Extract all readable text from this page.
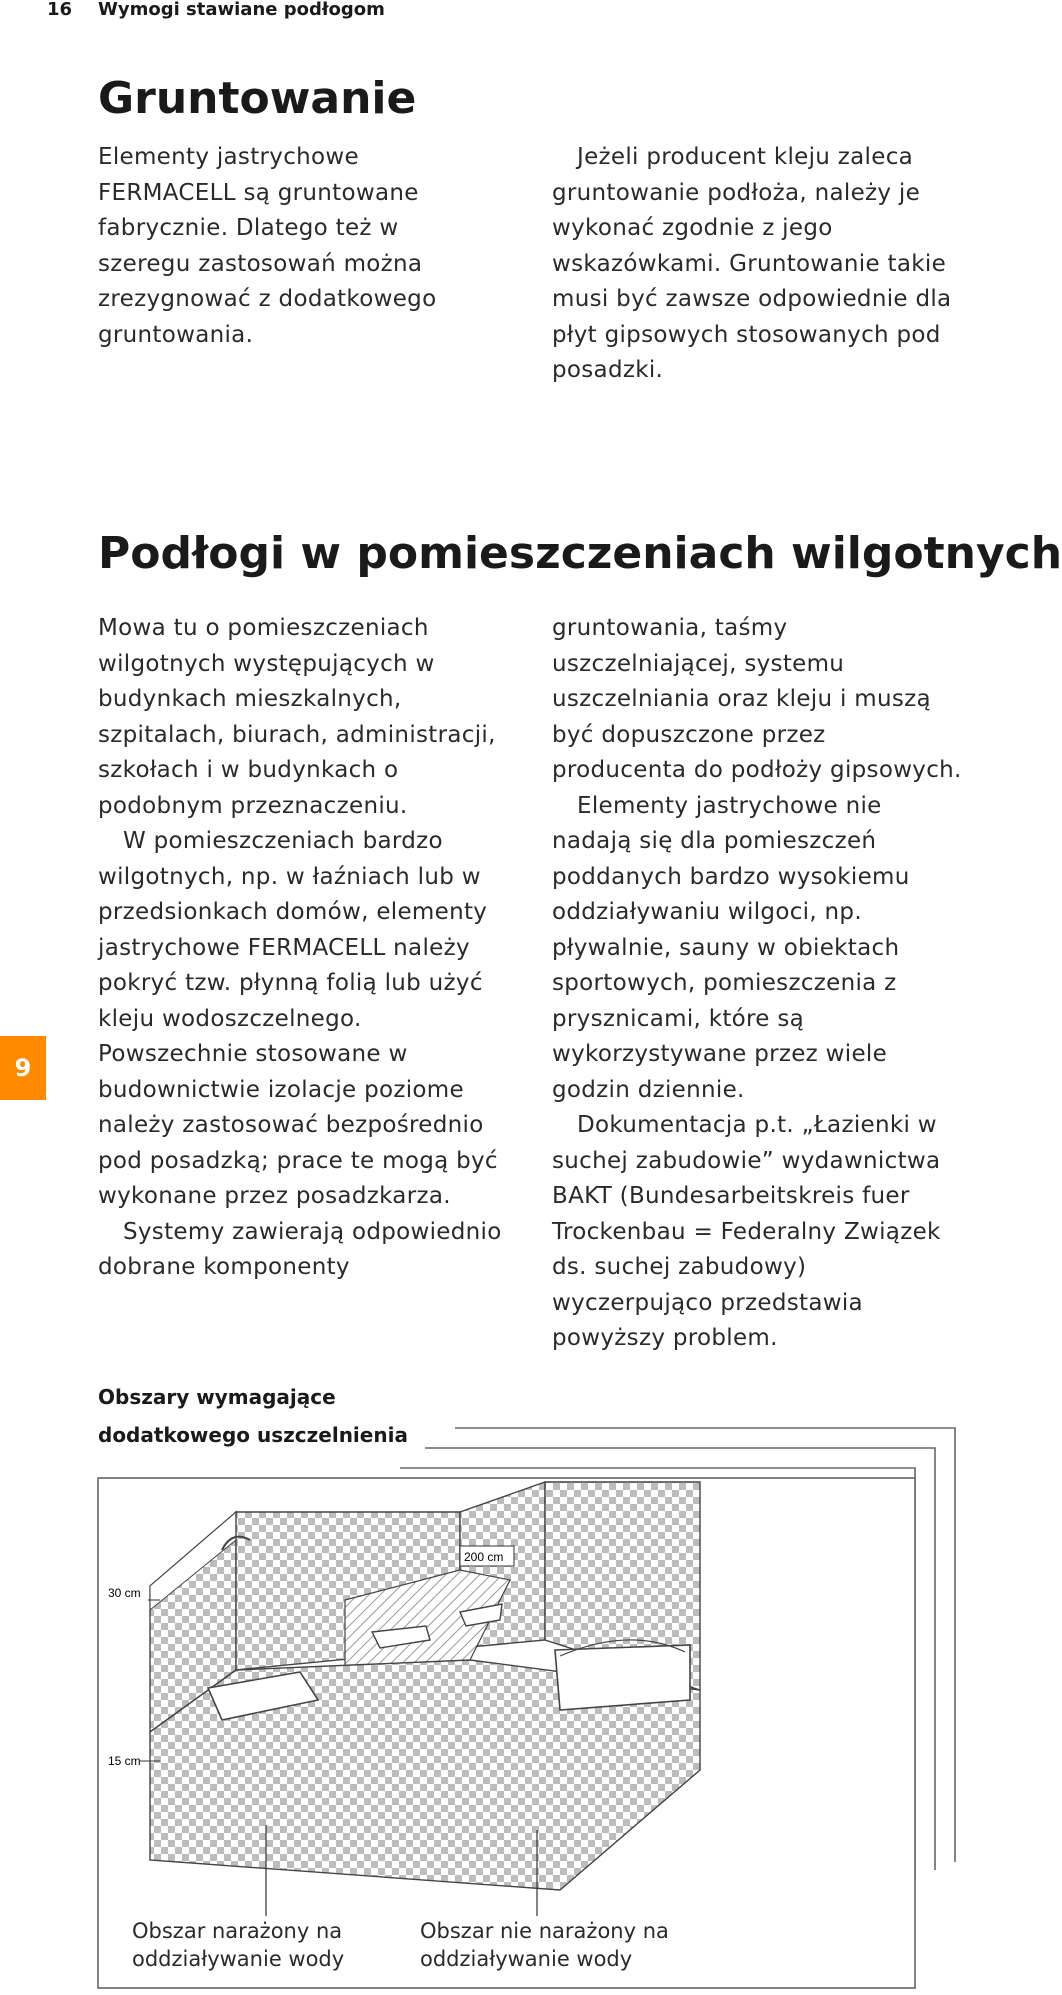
16 Wymogi stawiane podłogom
Gruntowanie

Elementy jastrychowe FERMACELL są gruntowane fabrycznie. Dlatego też w szeregu zastosowań można zrezygnować z dodatkowego gruntowania.

Jeżeli producent kleju zaleca gruntowanie podłoża, należy je wykonać zgodnie z jego wskazówkami. Gruntowanie takie musi być zawsze odpowiednie dla płyt gipsowych stosowanych pod posadzki.

Podłogi w pomieszczeniach wilgotnych

Mowa tu o pomieszczeniach wilgotnych występujących w budynkach mieszkalnych, szpitalach, biurach, administracji, szkołach i w budynkach o podobnym przeznaczeniu.

W pomieszczeniach bardzo wilgotnych, np. w łaźniach lub w przedsionkach domów, elementy jastrychowe FERMACELL należy pokryć tzw. płynną folią lub użyć kleju wodoszczelnego. Powszechnie stosowane w budownictwie izolacje poziome należy zastosować bezpośrednio pod posadzką; prace te mogą być wykonane przez posadzkarza.

Systemy zawierają odpowiednio dobrane komponenty

gruntowania, taśmy uszczelniającej, systemu uszczelniania oraz kleju i muszą być dopuszczone przez producenta do podłoży gipsowych.

Elementy jastrychowe nie nadają się dla pomieszczeń poddanych bardzo wysokiemu oddziaływaniu wilgoci, np. pływalnie, sauny w obiektach sportowych, pomieszczenia z prysznicami, które są wykorzystywane przez wiele godzin dziennie.

Dokumentacja p.t. „Łazienki w suchej zabudowie” wydawnictwa BAKT (Bundesarbeitskreis fuer Trockenbau = Federalny Związek ds. suchej zabudowy) wyczerpująco przedstawia powyższy problem.

9
Obszary wymagające dodatkowego uszczelnienia
30 cm
200 cm
15 cm
Obszar narażony na oddziaływanie wody
Obszar nie narażony na oddziaływanie wody
